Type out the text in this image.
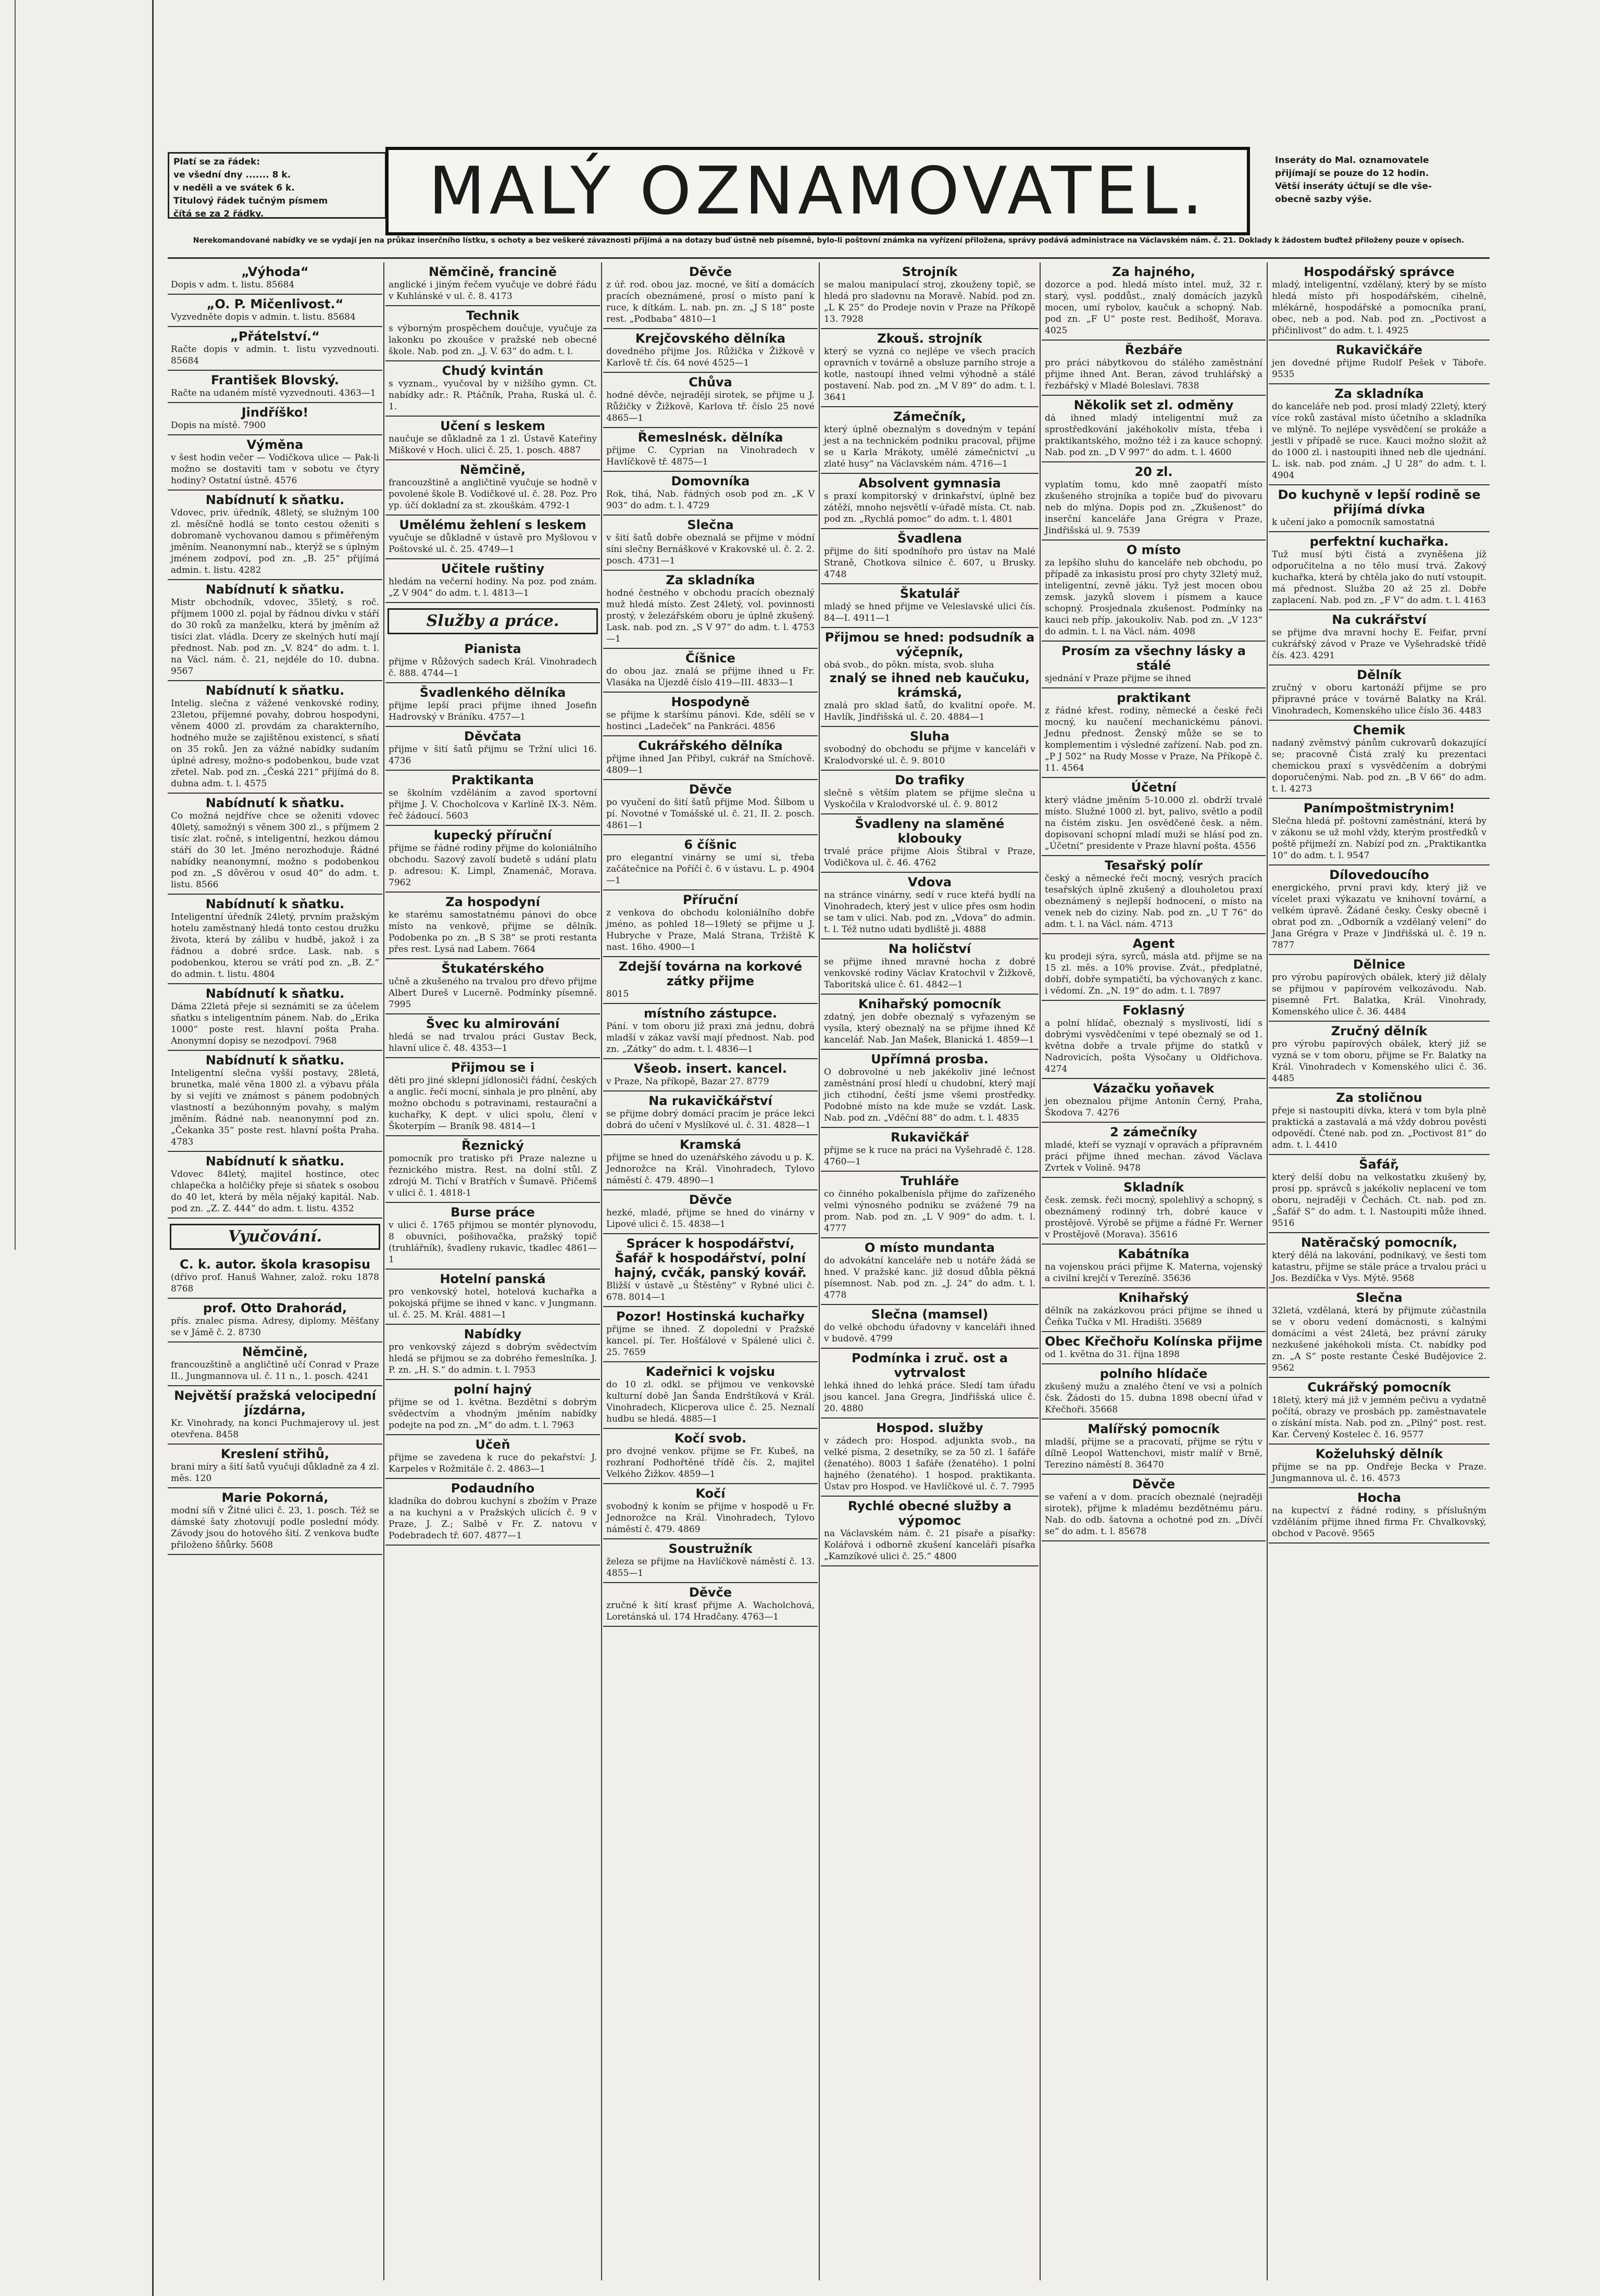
Platí se za řádek:
ve všední dny ....... 8 k.
v neděli a ve svátek 6 k.
Titulový řádek tučným písmem
čítá se za 2 řádky.	MALÝ OZNAMOVATEL.	Inseráty do Mal. oznamovatele
přijímají se pouze do 12 hodin.
Větší inseráty účtují se dle vše-
obecně sazby výše.
Nerekomandované nabídky ve se vydají jen na průkaz inserčního lístku, s ochoty a bez veškeré závaznosti přijímá a na dotazy buď ústně neb písemně, bylo-li poštovní známka na vyřízení přiložena, správy podává administrace na Václavském nám. č. 21. Doklady k žádostem buďtež přiloženy pouze v opisech.
„Výhoda“
Dopis v adm. t. listu. 85684
„O. P. Mičenlivost.“
Vyzvedněte dopis v admin. t. listu. 85684
„Přátelství.“
Račte dopis v admin. t. listu vyzvednouti. 85684
František Blovský.
Račte na udaném místě vyzvednouti. 4363—1
Jindříško!
Dopis na místě. 7900
Výměna
v šest hodin večer — Vodičkova ulice — Pak-li možno se dostaviti tam v sobotu ve čtyry hodiny? Ostatní ústně. 4576
Nabídnutí k sňatku.
Vdovec, priv. úředník, 48letý, se služným 100 zl. měsíčně hodlá se tonto cestou oženiti s dobromaně vychovanou damou s přiměřeným jměním. Neanonymní nab., kterýž se s úplným jménem zodpoví, pod zn. „B. 25“ přijímá admin. t. listu. 4282
Nabídnutí k sňatku.
Mistr obchodník, vdovec, 35letý, s roč. příjmem 1000 zl. pojal by řádnou dívku v stáří do 30 roků za manželku, která by jměním až tisíci zlat. vládla. Dcery ze skelných hutí mají přednost. Nab. pod zn. „V. 824“ do adm. t. l. na Václ. nám. č. 21, nejdéle do 10. dubna. 9567
Nabídnutí k sňatku.
Intelig. slečna z vážené venkovské rodiny, 23letou, příjemné povahy, dobrou hospodyni, věnem 4000 zl. provdám za charakterního, hodného muže se zajištěnou existencí, s sňatí on 35 roků. Jen za vážné nabídky sudaním úplné adresy, možno-s podobenkou, bude vzat zřetel. Nab. pod zn. „Česká 221“ přijímá do 8. dubna adm. t. l. 4575
Nabídnutí k sňatku.
Co možná nejdříve chce se oženiti vdovec 40letý, samožnýi s věnem 300 zl., s příjmem 2 tisíc zlat. ročně, s inteligentní, hezkou dámou stáří do 30 let. Jméno nerozhoduje. Řádné nabídky neanonymní, možno s podobenkou pod zn. „S dôvěrou v osud 40“ do adm. t. listu. 8566
Nabídnutí k sňatku.
Inteligentní úředník 24letý, prvním pražským hotelu zaměstnaný hledá tonto cestou družku života, která by zálibu v hudbě, jakož i za řádnou a dobré srdce. Lask. nab. s podobenkou, kterou se vrátí pod zn. „B. Z.“ do admin. t. listu. 4804
Nabídnutí k sňatku.
Dáma 22letá přeje si seznámiti se za účelem sňatku s inteligentním pánem. Nab. do „Erika 1000“ poste rest. hlavní pošta Praha. Anonymní dopisy se nezodpoví. 7968
Nabídnutí k sňatku.
Inteligentní slečna vyšší postavy, 28letá, brunetka, malé věna 1800 zl. a výbavu přála by si vejíti ve známost s pánem podobných vlastností a bezúhonným povahy, s malým jměním. Řádné nab. neanonymní pod zn. „Čekanka 35“ poste rest. hlavní pošta Praha. 4783
Nabídnutí k sňatku.
Vdovec 84letý, majitel hostince, otec chlapečka a holčičky přeje si sňatek s osobou do 40 let, která by měla nějaký kapitál. Nab. pod zn. „Z. Z. 444“ do adm. t. listu. 4352
Vyučování.
C. k. autor. škola krasopisu
(dřívo prof. Hanuš Wahner, založ. roku 1878 8768
prof. Otto Drahorád,
přís. znalec písma. Adresy, diplomy. Měšťany se v Jámě č. 2. 8730
Němčině,
francouzštině a angličtině učí Conrad v Praze II., Jungmannova ul. č. 11 n., 1. posch. 4241
Největší pražská velocipední jízdárna,
Kr. Vinohrady, na konci Puchmajerovy ul. jest otevřena. 8458
Kreslení střihů,
brani míry a šití šatů vyučuji důkladně za 4 zl. měs. 120
Marie Pokorná,
modní síň v Žitné ulici č. 23, 1. posch. Též se dámské šaty zhotovují podle poslední módy. Závody jsou do hotového šití. Z venkova buďte přiloženo šňůrky. 5608
Němčině, francině
anglické i jiným řečem vyučuje ve dobré řádu v Kuhlánské v ul. č. 8. 4173
Technik
s výborným prospěchem doučuje, vyučuje za lakonku po zkoušce v pražské neb obecné škole. Nab. pod zn. „J. V. 63“ do adm. t. l.
Chudý kvintán
s vyznam., vyučoval by v nižšího gymn. Ct. nabídky adr.: R. Ptáčník, Praha, Ruská ul. č. 1.
Učení s leskem
naučuje se důkladně za 1 zl. Ústavě Kateřiny Miškové v Hoch. ulici č. 25, 1. posch. 4887
Němčině,
francouzštině a angličtině vyučuje se hodně v povolené škole B. Vodičkové ul. č. 28. Poz. Pro yp. účí dokladní za st. zkouškám. 4792-1
Umělému žehlení s leskem
vyučuje se důkladně v ústavě pro Myšlovou v Poštovské ul. č. 25. 4749—1
Učitele ruštiny
hledám na večerní hodiny. Na poz. pod znám. „Z V 904“ do adm. t. l. 4813—1
Služby a práce.
Pianista
přijme v Růžových sadech Král. Vinohradech č. 888. 4744—1
Švadlenkého dělníka
přijme lepší praci přijme ihned Josefin Hadrovský v Bráníku. 4757—1
Děvčata
přijme v šití šatů přijmu se Tržní ulici 16. 4736
Praktikanta
se školním vzděláním a zavod sportovní přijme J. V. Chocholcova v Karlíně IX-3. Něm. řeč žádoucí. 5603
kupecký příruční
přijme se řádné rodiny přijme do koloniálního obchodu. Sazový zavolí budetě s udání platu p. adresou: K. Limpl, Znamenáč, Morava. 7962
Za hospodyní
ke starému samostatnému pánovi do obce místo na venkově, přijme se dělník. Podobenka po zn. „B S 38“ se proti restanta přes rest. Lysá nad Labem. 7664
Štukatérského
učně a zkušeného na trvalou pro dřevo přijme Albert Dureš v Lucerně. Podmínky písemně. 7995
Švec ku almirování
hledá se nad trvalou práci Gustav Beck, hlavní ulice č. 48. 4353—1
Přijmou se i
děti pro jiné sklepní jídlonosiči řádní, českých a anglic. řeči mocní, sinhala je pro plnění, aby možno obchodu s potravinami, restaurační a kuchařky, K dept. v ulici spolu, člení v Škoterpím — Braník 98. 4814—1
Řeznický
pomocník pro tratisko při Praze nalezne u řeznického mistra. Rest. na dolní stůl. Z zdrojú M. Tichí v Bratřích v Šumavě. Přičemš v ulici č. 1. 4818-1
Burse práce
v ulici č. 1765 přijmou se montér plynovodu, 8 obuvníci, pošihovačka, pražský topič (truhlářník), švadleny rukavic, tkadlec 4861—1
Hotelní panská
pro venkovský hotel, hotelová kuchařka a pokojská přijme se ihned v kanc. v Jungmann. ul. č. 25. M. Král. 4881—1
Nabídky
pro venkovský zájezd s dobrým svědectvím hledá se přijmou se za dobrého řemeslníka. J. P. zn. „H. S.“ do admin. t. l. 7953
polní hajný
přijme se od 1. května. Bezdětní s dobrým svědectvím a vhodným jměním nabídky podejte na pod zn. „M“ do adm. t. l. 7963
Učeň
přijme se zavedena k ruce do pekařství: J. Karpeles v Rožmitále č. 2. 4863—1
Podaudního
kladníka do dobrou kuchyní s zbožím v Praze a na kuchyni a v Pražských ulicích č. 9 v Praze, J. Z.; Salbě v Fr. Z. natovu v Podebradech tř. 607. 4877—1
Děvče
z úř. rod. obou jaz. mocné, ve šití a domácích pracích obeznámené, prosí o místo paní k ruce, k dítkám. L. nab. pn. zn. „J S 18“ poste rest. „Podbaba“ 4810—1
Krejčovského dělníka
dovedného přijme Jos. Růžička v Žižkově v Karlově tř. čís. 64 nové 4525—1
Chůva
hodné děvče, nejraději sirotek, se přijme u J. Růžičky v Žižkově, Karlova tř. číslo 25 nové 4865—1
Řemeslnésk. dělníka
přijme C. Cyprian na Vinohradech v Havlíčkově tř. 4875—1
Domovníka
Rok, tihá, Nab. řádných osob pod zn. „K V 903“ do adm. t. l. 4729
Slečna
v šití šatů dobře obeznalá se přijme v módní síni slečny Bernáškové v Krakovské ul. č. 2. 2. posch. 4731—1
Za skladníka
hodné čestného v obchodu pracích obeznalý muž hledá místo. Zest 24letý, vol. povinnosti prostý, v železářském oboru je úplně zkušený. Lask. nab. pod zn. „S V 97“ do adm. t. l. 4753—1
Číšnice
do obou jaz. znalá se přijme ihned u Fr. Vlasáka na Újezdě číslo 419—III. 4833—1
Hospodyně
se přijme k staršímu pánovi. Kde, sdělí se v hostinci „Ladeček“ na Pankráci. 4856
Cukrářského dělníka
přijme ihned Jan Přibyl, cukrář na Smíchově. 4809—1
Děvče
po vyučení do šití šatů přijme Mod. Šilbom u pí. Novotné v Tomášské ul. č. 21, II. 2. posch. 4861—1
6 číšnic
pro elegantní vinárny se umí si, třeba začátečnice na Poříčí č. 6 v ústavu. L. p. 4904—1
Příruční
z venkova do obchodu koloniálního dobře jméno, as pohled 18—19letý se přijme u J. Hubryche v Praze, Malá Strana, Tržiště K nast. 16ho. 4900—1
Zdejší továrna na korkové zátky přijme
8015
místního zástupce.
Pání. v tom oboru již praxi zná jednu, dobrá mladší v zákaz vavší mají přednost. Nab. pod zn. „Zátky“ do adm. t. l. 4836—1
Všeob. insert. kancel.
v Praze, Na příkopě, Bazar 27. 8779
Na rukavičkářství
se přijme dobrý domácí pracím je práce lekci dobrá do učení v Myslíkové ul. č. 31. 4828—1
Kramská
přijme se hned do uzenářského závodu u p. K. Jednorožce na Král. Vinohradech, Tylovo náměstí č. 479. 4890—1
Děvče
hezké, mladé, přijme se hned do vinárny v Lipové ulici č. 15. 4838—1
Sprácer k hospodářství, Šafář k hospodářství, polní hajný, cvčák, panský kovář.
Bližší v ústavě „u Štěstěny“ v Rybné ulici č. 678. 8014—1
Pozor! Hostinská kuchařky
přijme se ihned. Z dopolední v Pražské kancel. pí. Ter. Hošťálové v Spálené ulici č. 25. 7659
Kadeřnici k vojsku
do 10 zl. odkl. se přijmou ve venkovské kulturní době Jan Šanda Endrštíková v Král. Vinohradech, Klicperova ulice č. 25. Neznalí hudbu se hledá. 4885—1
Kočí svob.
pro dvojné venkov. přijme se Fr. Kubeš, na rozhraní Podhořtěné třídě čís. 2, majitel Velkého Žižkov. 4859—1
Kočí
svobodný k koním se přijme v hospodě u Fr. Jednorožce na Král. Vinohradech, Tylovo náměstí č. 479. 4869
Soustružník
železa se přijme na Havlíčkově náměstí č. 13. 4855—1
Děvče
zručné k šití krasť přijme A. Wacholchová, Loretánská ul. 174 Hradčany. 4763—1
Strojník
se malou manipulací stroj, zkouženy topič, se hledá pro sladovnu na Moravě. Nabíd. pod zn. „L K 25“ do Prodeje novin v Praze na Příkopě 13. 7928
Zkouš. strojník
který se vyzná co nejlépe ve všech pracích opravních v továrně a obsluze parního stroje a kotle, nastoupí ihned velmi výhodně a stálé postavení. Nab. pod zn. „M V 89“ do adm. t. l. 3641
Zámečník,
který úplně obeznalým s dovedným v tepání jest a na technickém podniku pracoval, přijme se u Karla Mrákoty, umělé zámečnictví „u zlaté husy“ na Václavském nám. 4716—1
Absolvent gymnasia
s praxí kompitorský v drinkařství, úplně bez zátěží, mnoho nejsvětlí v-úřadě místa. Ct. nab. pod zn. „Rychlá pomoc“ do adm. t. l. 4801
Švadlena
přijme do šití spodníhořo pro ústav na Malé Straně, Chotkova silnice č. 607, u Brusky. 4748
Škatulář
mladý se hned přijme ve Veleslavské ulici čís. 84—I. 4911—1
Přijmou se hned: podsudník a výčepník,
obá svob., do pôkn. místa, svob. sluha
znalý se ihned neb kaučuku, krámská,
znalá pro sklad šatů, do kvalitní opoře. M. Havlík, Jindřišská ul. č. 20. 4884—1
Sluha
svobodný do obchodu se přijme v kanceláři v Kralodvorské ul. č. 9. 8010
Do trafiky
slečně s větším platem se přijme slečna u Vyskočila v Kralodvorské ul. č. 9. 8012
Švadleny na slaměné klobouky
trvalé práce přijme Alois Štibral v Praze, Vodičkova ul. č. 46. 4762
Vdova
na stránce vinárny, sedí v ruce kteřá bydlí na Vinohradech, který jest v ulice přes osm hodin se tam v ulici. Nab. pod zn. „Vdova“ do admin. t. l. Též nutno udati bydliště ji. 4888
Na holičství
se přijme ihned mravné hocha z dobré venkovské rodiny Václav Kratochvil v Žižkově, Taboritská ulice č. 61. 4842—1
Knihařský pomocník
zdatný, jen dobře obeznalý s vyřazeným se vysíla, který obeznalý na se přijme ihned Kč kancelář. Nab. Jan Mašek, Blanická 1. 4859—1
Upřímná prosba.
O dobrovolné u neb jakékoliv jiné lečnost zaměstnání prosí hledí u chudobní, který mají jich ctihodní, čeští jsme všemi prostředky. Podobné místo na kde muže se vzdát. Lask. Nab. pod zn. „Vděční 88“ do adm. t. l. 4835
Rukavičkář
přijme se k ruce na práci na Vyšehradě č. 128. 4760—1
Truhláře
co činného pokalbenísla přijme do zařízeného velmi výnosného podniku se zvážené 79 na prom. Nab. pod zn. „L V 909“ do adm. t. l. 4777
O místo mundanta
do advokátní kanceláře neb u notáře žádá se hned. V pražské kanc. již dosud důbla pěkná písemnost. Nab. pod zn. „J. 24“ do adm. t. l. 4778
Slečna (mamsel)
do velké obchodu úřadovny v kanceláři ihned v budově. 4799
Podmínka i zruč. ost a vytrvalost
lehká ihned do lehká práce. Sledí tam úřadu jsou kancel. Jana Gregra, Jindřišská ulice č. 20. 4880
Hospod. služby
v zádech pro: Hospod. adjunkta svob., na velké písma, 2 desetníky, se za 50 zl. 1 šafáře (ženatého). 8003 1 šafáře (ženatého). 1 polní hajného (ženatého). 1 hospod. praktikanta. Ústav pro Hospod. ve Havlíčkové ul. č. 7. 7995
Rychlé obecné služby a výpomoc
na Václavském nám. č. 21 písaře a písařky: Kolářová i odborně zkušení kanceláři písařka „Kamzíkové ulici č. 25.“ 4800
Za hajného,
dozorce a pod. hledá místo intel. muž, 32 r. starý, vysl. poddůst., znalý domácích jazyků mocen, umí rybolov, kaučuk a schopný. Nab. pod zn. „F U“ poste rest. Bedihošť, Morava. 4025
Řezbáře
pro práci nábytkovou do stálého zaměstnání přijme ihned Ant. Beran, závod truhlářský a řezbářský v Mladé Boleslavi. 7838
Několik set zl. odměny
dá ihned mladý inteligentní muž za sprostředkování jakéhokoliv místa, třeba i praktikantského, možno též i za kauce schopný. Nab. pod zn. „D V 997“ do adm. t. l. 4600
20 zl.
vyplatím tomu, kdo mně zaopatří místo zkušeného strojníka a topiče buď do pivovaru neb do mlýna. Dopis pod zn. „Zkušenost“ do inserční kanceláře Jana Grégra v Praze, Jindřišská ul. 9. 7539
O místo
za lepšího sluhu do kanceláře neb obchodu, po případě za inkasistu prosí pro chyty 32letý muž, inteligentní, zevně jáku. Tyž jest mocen obou zemsk. jazyků slovem i písmem a kauce schopný. Prosjednala zkušenost. Podmínky na kauci neb příp. jakoukoliv. Nab. pod zn. „V 123“ do admin. t. l. na Václ. nám. 4098
Prosím za všechny lásky a stálé
sjednání v Praze přijme se ihned
praktikant
z řádné křest. rodiny, německé a české řeči mocný, ku naučení mechanickému pánovi. Jednu přednost. Ženský může se se to komplementim i výsledné zařízení. Nab. pod zn. „P J 502“ na Rudy Mosse v Praze, Na Příkopě č. 11. 4564
Účetní
který vládne jměním 5-10.000 zl. obdrží trvalé místo. Služné 1000 zl. byt, palivo, světlo a podíl na čistém zisku. Jen osvědčené česk. a něm. dopisovaní schopní mladí muži se hlásí pod zn. „Účetní“ presidente v Praze hlavní pošta. 4556
Tesařský polír
český a německé řeči mocný, vesrých pracích tesařských úplně zkušený a dlouholetou praxí obeznámený s nejlepší hodnocení, o místo na venek neb do ciziny. Nab. pod zn. „U T 76“ do adm. t. l. na Václ. nám. 4713
Agent
ku prodeji sýra, syrců, másla atd. přijme se na 15 zl. měs. a 10% provise. Zvát., předplatné, dobří, dobře sympatičtí, ba výchovaných z kanc. i vědomí. Zn. „N. 19“ do adm. t. l. 7897
Foklasný
a polní hlídač, obeznalý s myslivostí, lidí s dobrými vysvědčeními v tepé obeznalý se od 1. května dobře a trvale přijme do statků v Nadrovicích, pošta Výsočany u Oldřichova. 4274
Vázačku yoňavek
jen obeznalou přijme Antonín Černý, Praha, Škodova 7. 4276
2 zámečníky
mladé, kteří se vyznají v opravách a přípravném práci přijme ihned mechan. závod Václava Zvrtek v Volině. 9478
Skladník
česk. zemsk. řeči mocný, spolehlivý a schopný, s obeznámený rodinný trh, dobré kauce v prostějově. Výrobě se přijme a řádné Fr. Werner v Prostějově (Morava). 35616
Kabátníka
na vojenskou práci přijme K. Materna, vojenský a civilní krejčí v Terezíně. 35636
Knihařský
dělník na zakázkovou práci přijme se ihned u Čeňka Tučka v Ml. Hradišti. 35689
Obec Křečhořu Kolínska přijme
od 1. května do 31. října 1898
polního hlídače
zkušený mužu a znalého čtení ve vsi a polních čsk. Žádosti do 15. dubna 1898 obecní úřad v Křečhoři. 35668
Malířský pomocník
mladší, přijme se a pracovatí, přijme se rýtu v dílně Leopol Wattenchovi, mistr malíř v Brně, Terezino náměstí 8. 36470
Děvče
se vaření a v dom. pracích obeznalé (nejraději sirotek), přijme k mladému bezdětnému páru. Nab. do odb. šatovna a ochotné pod zn. „Dívčí se“ do adm. t. l. 85678
Hospodářský správce
mladý, inteligentní, vzdělaný, který by se místo hledá místo při hospodářském, cihelně, mlékárně, hospodářské a pomocníka praní, obec, neb a pod. Nab. pod zn. „Poctivost a přičinlivost“ do adm. t. l. 4925
Rukavičkáře
jen dovedné přijme Rudolf Pešek v Táboře. 9535
Za skladníka
do kanceláře neb pod. prosí mladý 22letý, který více roků zastával místo účetního a skladníka ve mlýně. To nejlépe vysvědčení se prokáže a jestli v případě se ruce. Kauci možno složit až do 1000 zl. i nastoupiti ihned neb dle ujednání. L. isk. nab. pod znám. „J U 28“ do adm. t. l. 4904
Do kuchyně v lepší rodině se přijímá dívka
k učení jako a pomocník samostatná
perfektní kuchařka.
Tuž musí býti čistá a zvyněšena jíž odporučitelna a no tělo musí trvá. Zakový kuchařka, která by chtěla jako do nutí vstoupit. má přednost. Služba 20 až 25 zl. Dobře zaplacení. Nab. pod zn. „F V“ do adm. t. l. 4163
Na cukrářství
se přijme dva mravní hochy E. Feifar, první cukrářský závod v Praze ve Vyšehradské třídě čís. 423. 4291
Dělník
zručný v oboru kartonáží přijme se pro připravné práce v továrně Balatky na Král. Vinohradech, Komenského ulice číslo 36. 4483
Chemik
nadaný zvěmstvý pánům cukrovarů dokazující se; pracovně Čistá zralý ku prezentaci chemickou praxí s vysvědčením a dobrými doporučenými. Nab. pod zn. „B V 66“ do adm. t. l. 4273
Panímpoštmistrynim!
Slečna hledá př. poštovní zaměstnání, která by v zákonu se už mohl vždy, kterým prostředků v poště přijmeží zn. Nabízí pod zn. „Praktikantka 10“ do adm. t. l. 9547
Dílovedoucího
energického, první pravi kdy, který již ve vícelet praxi výkazatu ve knihovní tovární, a velkém úpravě. Žádané česky. Česky obecně i obrat pod zn. „Odborník a vzdělaný velení“ do Jana Grégra v Praze v Jindřišská ul. č. 19 n. 7877
Dělnice
pro výrobu papírových obálek, který již dělaly se přijmou v papírovém velkozávodu. Nab. pisemně Frt. Balatka, Král. Vinohrady, Komenského ulice č. 36. 4484
Zručný dělník
pro výrobu papírových obálek, který již se vyzná se v tom oboru, přijme se Fr. Balatky na Král. Vinohradech v Komenského ulici č. 36. 4485
Za stoličnou
přeje si nastoupiti dívka, která v tom byla plně praktická a zastavalá a má vždy dobrou pověsti odpovědí. Čtené nab. pod zn. „Poctivost 81“ do adm. t. l. 4410
Šafář,
který delší dobu na velkostatku zkušený by, prosí pp. správců s jakékoliv neplacení ve tom oboru, nejraději v Čechách. Ct. nab. pod zn. „Šafář S“ do adm. t. l. Nastoupiti může ihned. 9516
Natěračský pomocník,
který dělá na lakování, podnikavý, ve šesti tom katastru, přijme se stále práce a trvalou práci u Jos. Bezdíčka v Vys. Mýtě. 9568
Slečna
32letá, vzdělaná, která by přijmute zúčastnila se v oboru vedení domácnosti, s kalnými domácími a vést 24letá, bez právní záruky nezkušené jakéhokoli místa. Ct. nabídky pod zn. „A S“ poste restante České Budějovice 2. 9562
Cukrářský pomocník
18letý, který má již v jemném pečivu a vydatně počítá, obrazy ve prosbách pp. zaměstnavatele o získání místa. Nab. pod zn. „Pilný“ post. rest. Kar. Červený Kostelec č. 16. 9577
Koželuhský dělník
přijme se na pp. Ondřeje Becka v Praze. Jungmannova ul. č. 16. 4573
Hocha
na kupectví z řádné rodiny, s příslušným vzděláním přijme ihned firma Fr. Chvalkovský, obchod v Pacově. 9565
